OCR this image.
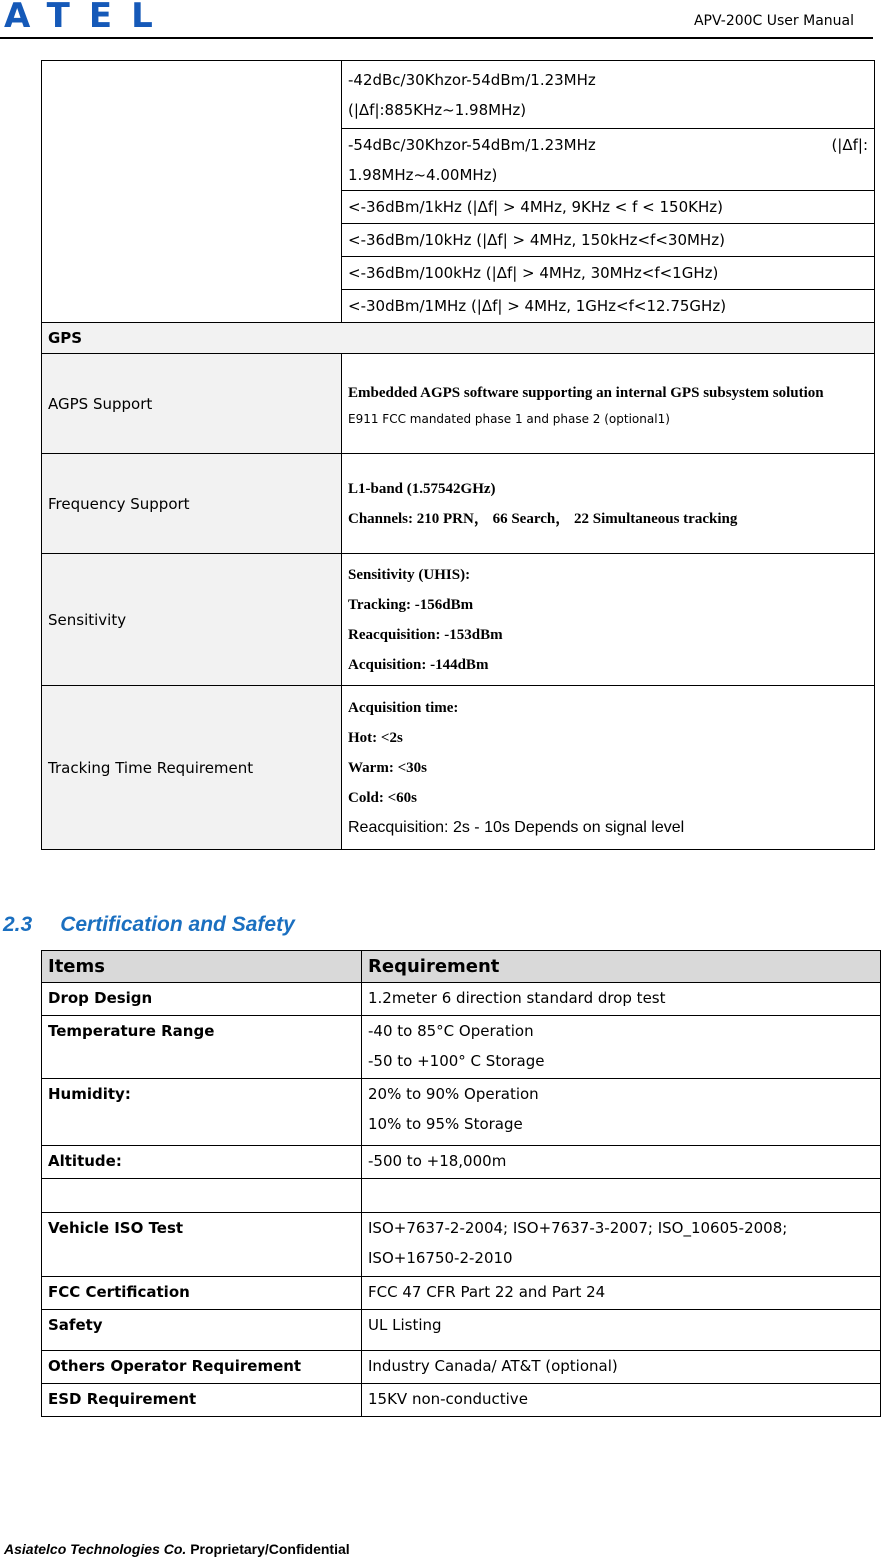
ATEL	APV-200C User Manual

	-42dBc/30Khzor-54dBm/1.23MHz
(|Δf|:885KHz~1.98MHz)

	-54dBc/30Khzor-54dBm/1.23MHz (|Δf|:
1.98MHz~4.00MHz)

	<-36dBm/1kHz (|Δf| > 4MHz, 9KHz < f < 150KHz)
	<-36dBm/10kHz (|Δf| > 4MHz, 150kHz<f<30MHz)
	<-36dBm/100kHz (|Δf| > 4MHz, 30MHz<f<1GHz)
	<-30dBm/1MHz (|Δf| > 4MHz, 1GHz<f<12.75GHz)
GPS	
AGPS Support	Embedded AGPS software supporting an internal GPS subsystem solution
E911 FCC mandated phase 1 and phase 2 (optional1)

Frequency Support	L1-band (1.57542GHz)
Channels: 210 PRN， 66 Search， 22 Simultaneous tracking

Sensitivity	Sensitivity (UHIS):
Tracking: -156dBm
Reacquisition: -153dBm
Acquisition: -144dBm

Tracking Time Requirement	Acquisition time:
Hot: <2s
Warm: <30s
Cold: <60s
Reacquisition: 2s - 10s Depends on signal level
2.3 Certification and Safety
Items	Requirement
Drop Design	1.2meter 6 direction standard drop test
Temperature Range	-40 to 85°C Operation
-50 to +100° C Storage

Humidity:	20% to 90% Operation
10% to 95% Storage

Altitude:	-500 to +18,000m

Vehicle ISO Test	ISO+7637-2-2004; ISO+7637-3-2007; ISO_10605-2008;
ISO+16750-2-2010

FCC Certification	FCC 47 CFR Part 22 and Part 24
Safety	UL Listing
Others Operator Requirement	Industry Canada/ AT&T (optional)
ESD Requirement	15KV non-conductive
Asiatelco Technologies Co. Proprietary/Confidential
